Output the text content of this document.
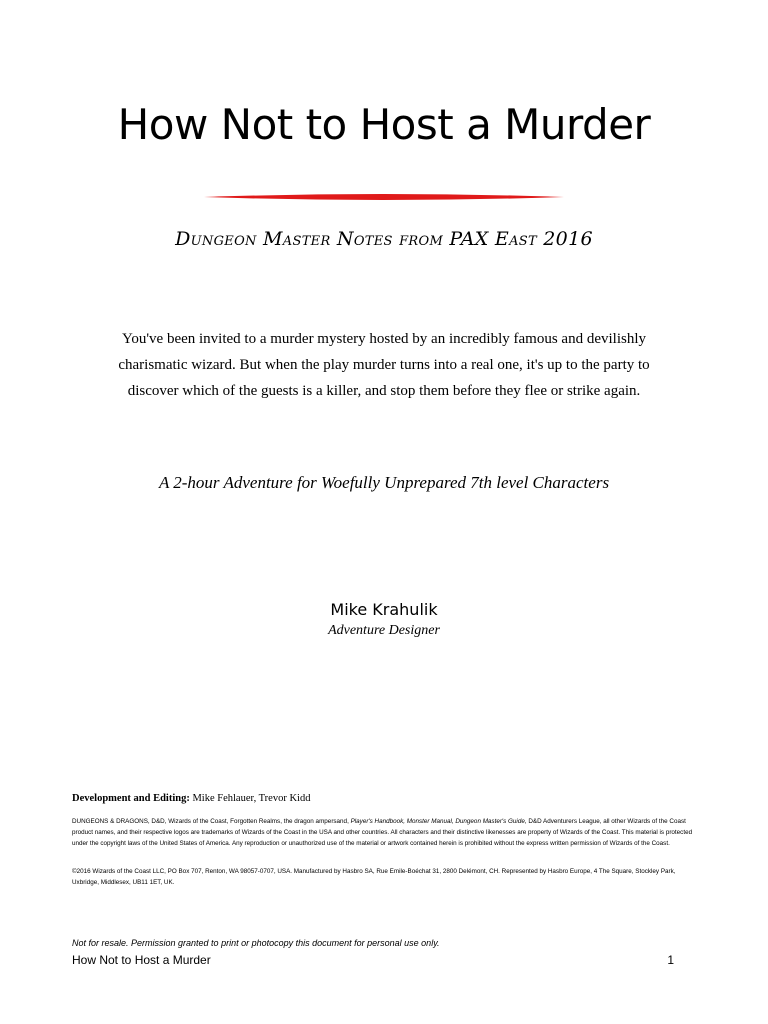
How Not to Host a Murder
Dungeon Master Notes from PAX East 2016
You've been invited to a murder mystery hosted by an incredibly famous and devilishly charismatic wizard. But when the play murder turns into a real one, it's up to the party to discover which of the guests is a killer, and stop them before they flee or strike again.
A 2-hour Adventure for Woefully Unprepared 7th level Characters
Mike Krahulik
Adventure Designer
Development and Editing: Mike Fehlauer, Trevor Kidd
DUNGEONS & DRAGONS, D&D, Wizards of the Coast, Forgotten Realms, the dragon ampersand, Player's Handbook, Monster Manual, Dungeon Master's Guide, D&D Adventurers League, all other Wizards of the Coast product names, and their respective logos are trademarks of Wizards of the Coast in the USA and other countries. All characters and their distinctive likenesses are property of Wizards of the Coast. This material is protected under the copyright laws of the United States of America. Any reproduction or unauthorized use of the material or artwork contained herein is prohibited without the express written permission of Wizards of the Coast.
©2016 Wizards of the Coast LLC, PO Box 707, Renton, WA 98057-0707, USA. Manufactured by Hasbro SA, Rue Emile-Boéchat 31, 2800 Delémont, CH. Represented by Hasbro Europe, 4 The Square, Stockley Park, Uxbridge, Middlesex, UB11 1ET, UK.
Not for resale. Permission granted to print or photocopy this document for personal use only.
How Not to Host a Murder	1
